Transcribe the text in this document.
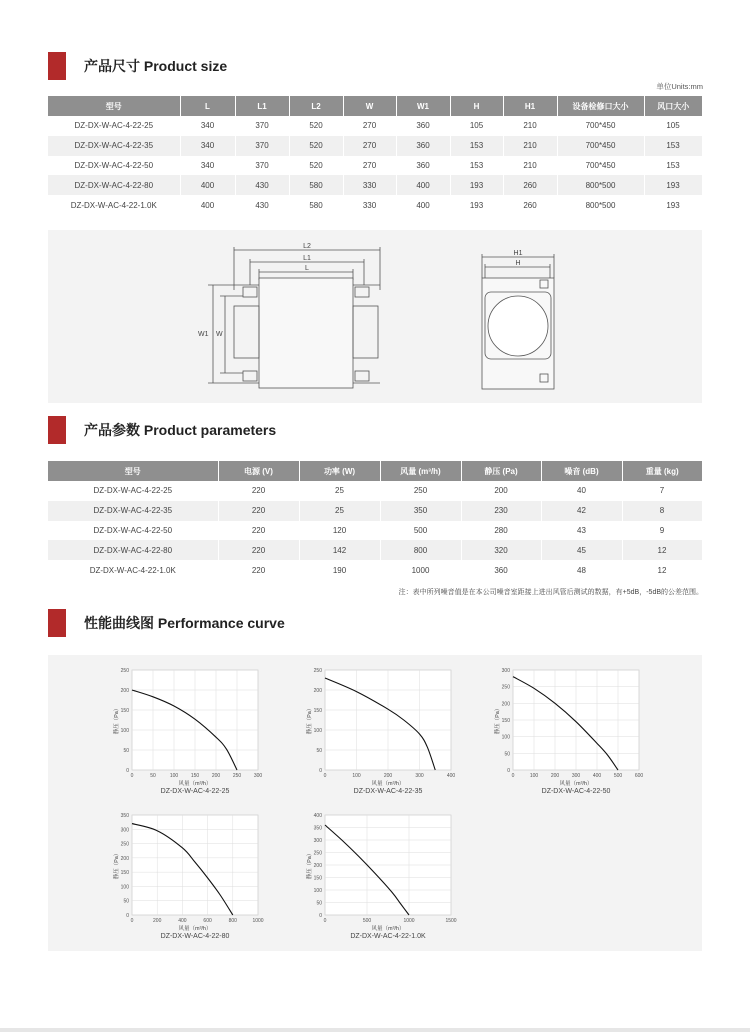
产品尺寸 Product size
单位Units:mm
型号	L	L1	L2	W	W1	H	H1	设备检修口大小	风口大小
DZ-DX-W-AC-4-22-25	340	370	520	270	360	105	210	700*450	105
DZ-DX-W-AC-4-22-35	340	370	520	270	360	153	210	700*450	153
DZ-DX-W-AC-4-22-50	340	370	520	270	360	153	210	700*450	153
DZ-DX-W-AC-4-22-80	400	430	580	330	400	193	260	800*500	193
DZ-DX-W-AC-4-22-1.0K	400	430	580	330	400	193	260	800*500	193
L2
L1
L
W1 W
H1
H
产品参数 Product parameters
型号	电源 (V)	功率 (W)	风量 (m³/h)	静压 (Pa)	噪音 (dB)	重量 (kg)
DZ-DX-W-AC-4-22-25	220	25	250	200	40	7
DZ-DX-W-AC-4-22-35	220	25	350	230	42	8
DZ-DX-W-AC-4-22-50	220	120	500	280	43	9
DZ-DX-W-AC-4-22-80	220	142	800	320	45	12
DZ-DX-W-AC-4-22-1.0K	220	190	1000	360	48	12
注：表中所列噪音值是在本公司噪音室距接上进出风管后测试的数据，有+5dB，-5dB的公差范围。
性能曲线图 Performance curve
0
50
100
150
200
250
0	50	100	150	200	250	300
静压（Pa）
风量（m³/h）
DZ-DX-W-AC-4-22-25
0
50
100
150
200
250
0	100	200	300	400
静压（Pa）
风量（m³/h）
DZ-DX-W-AC-4-22-35
0
50
100
150
200
250
300
0	100	200	300	400	500	600
静压（Pa）
风量（m³/h）
DZ-DX-W-AC-4-22-50
0
50
100
150
200
250
300
350
0	200	400	600	800	1000
静压（Pa）
风量（m³/h）
DZ-DX-W-AC-4-22-80
0
50
100
150
200
250
300
350
400
0	500	1000	1500
静压（Pa）
风量（m³/h）
DZ-DX-W-AC-4-22-1.0K
